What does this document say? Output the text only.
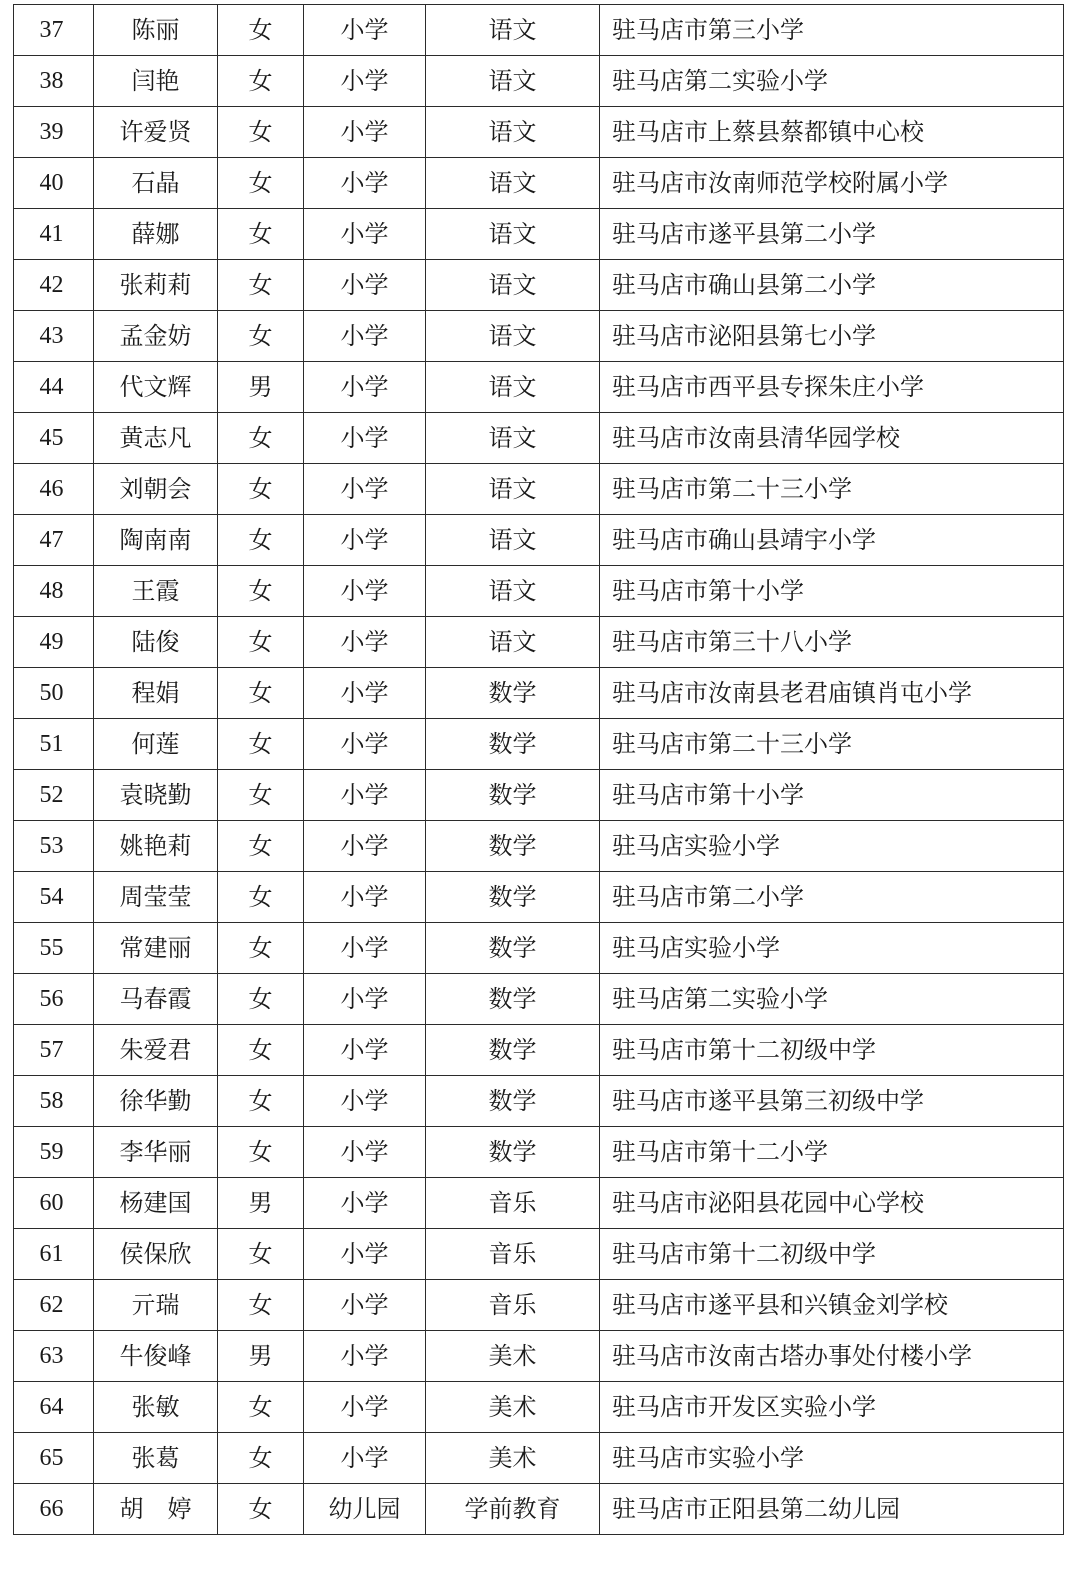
37	陈丽	女	小学	语文	驻马店市第三小学
38	闫艳	女	小学	语文	驻马店第二实验小学
39	许爱贤	女	小学	语文	驻马店市上蔡县蔡都镇中心校
40	石晶	女	小学	语文	驻马店市汝南师范学校附属小学
41	薛娜	女	小学	语文	驻马店市遂平县第二小学
42	张莉莉	女	小学	语文	驻马店市确山县第二小学
43	孟金妨	女	小学	语文	驻马店市泌阳县第七小学
44	代文辉	男	小学	语文	驻马店市西平县专探朱庄小学
45	黄志凡	女	小学	语文	驻马店市汝南县清华园学校
46	刘朝会	女	小学	语文	驻马店市第二十三小学
47	陶南南	女	小学	语文	驻马店市确山县靖宇小学
48	王霞	女	小学	语文	驻马店市第十小学
49	陆俊	女	小学	语文	驻马店市第三十八小学
50	程娟	女	小学	数学	驻马店市汝南县老君庙镇肖屯小学
51	何莲	女	小学	数学	驻马店市第二十三小学
52	袁晓勤	女	小学	数学	驻马店市第十小学
53	姚艳莉	女	小学	数学	驻马店实验小学
54	周莹莹	女	小学	数学	驻马店市第二小学
55	常建丽	女	小学	数学	驻马店实验小学
56	马春霞	女	小学	数学	驻马店第二实验小学
57	朱爱君	女	小学	数学	驻马店市第十二初级中学
58	徐华勤	女	小学	数学	驻马店市遂平县第三初级中学
59	李华丽	女	小学	数学	驻马店市第十二小学
60	杨建国	男	小学	音乐	驻马店市泌阳县花园中心学校
61	侯保欣	女	小学	音乐	驻马店市第十二初级中学
62	亓瑞	女	小学	音乐	驻马店市遂平县和兴镇金刘学校
63	牛俊峰	男	小学	美术	驻马店市汝南古塔办事处付楼小学
64	张敏	女	小学	美术	驻马店市开发区实验小学
65	张葛	女	小学	美术	驻马店市实验小学
66	胡　婷	女	幼儿园	学前教育	驻马店市正阳县第二幼儿园
